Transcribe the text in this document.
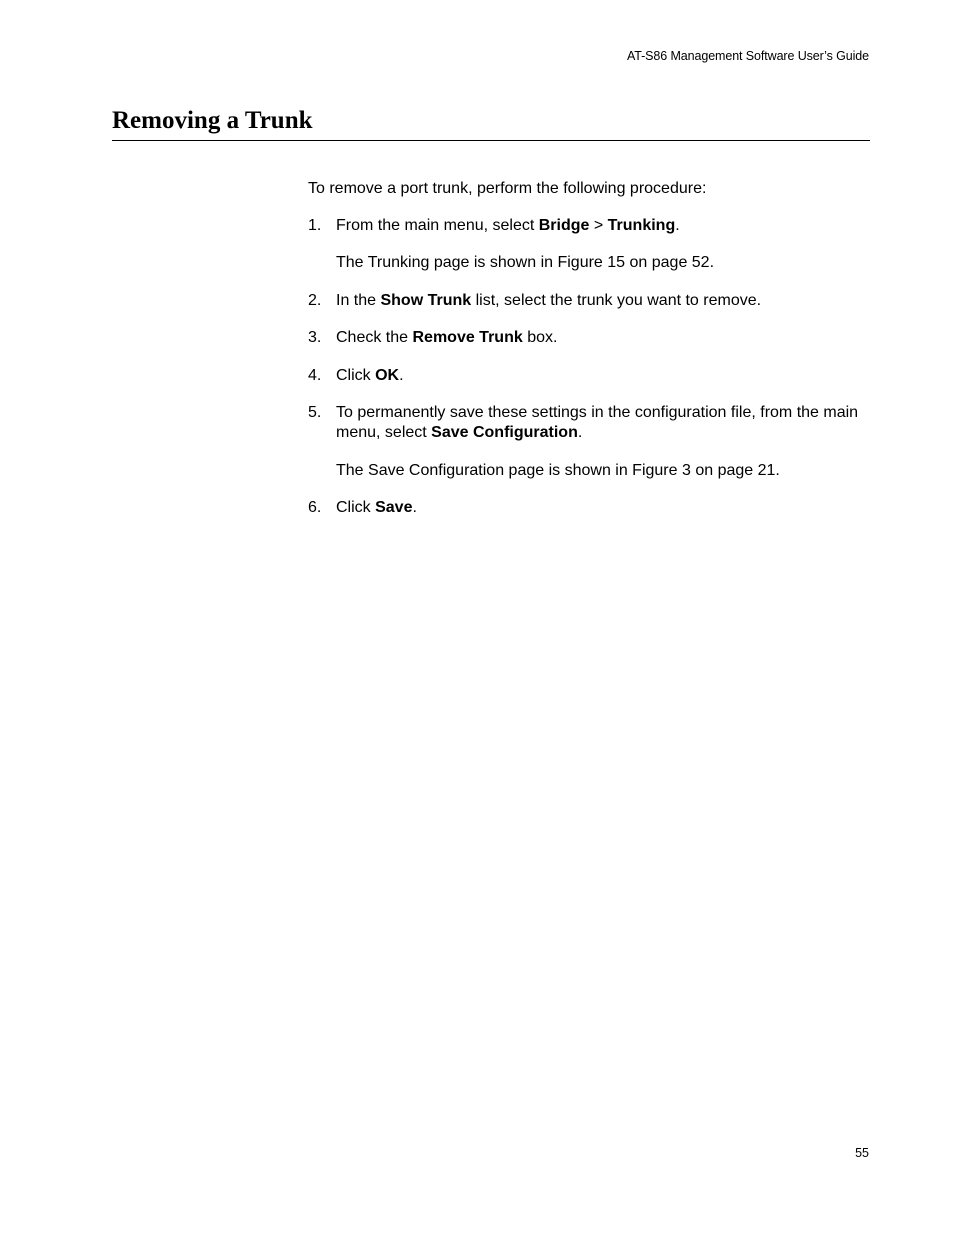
AT-S86 Management Software User’s Guide
Removing a Trunk

To remove a port trunk, perform the following procedure:

1. From the main menu, select Bridge > Trunking.
The Trunking page is shown in Figure 15 on page 52.
2. In the Show Trunk list, select the trunk you want to remove.
3. Check the Remove Trunk box.
4. Click OK.
5. To permanently save these settings in the configuration file, from the main menu, select Save Configuration.
The Save Configuration page is shown in Figure 3 on page 21.
6. Click Save.
55
